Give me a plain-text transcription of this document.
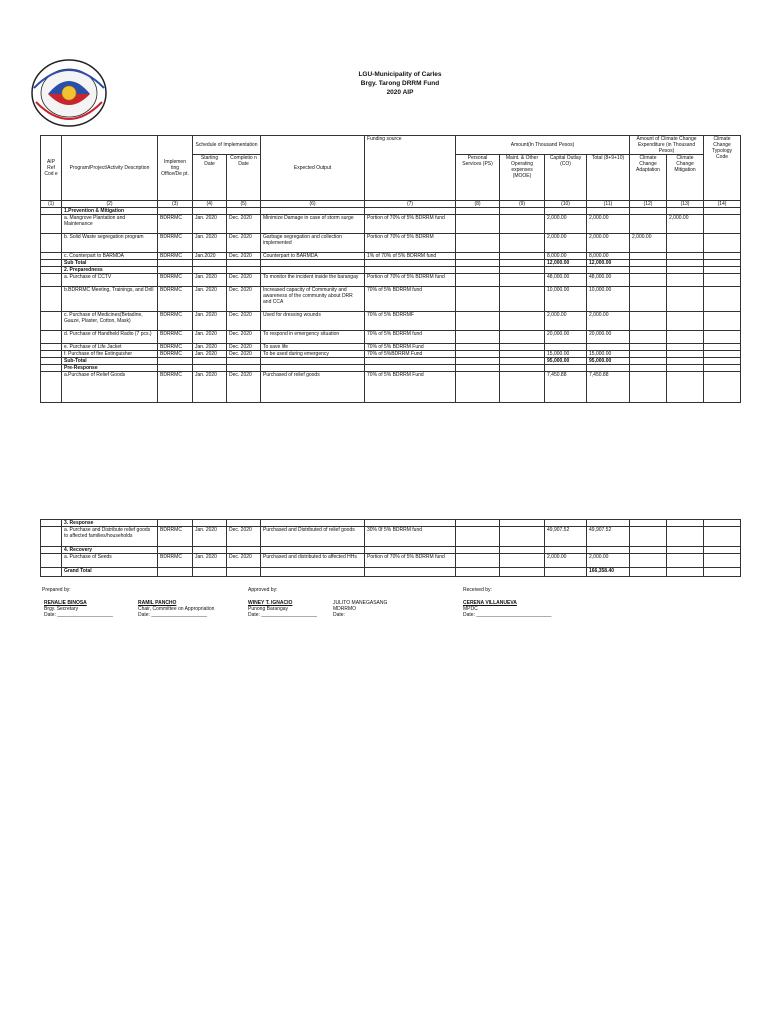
LGU-Municipality of Carles
Brgy. Tarong DRRM Fund
2020 AIP
AIP Ref Cod e	Program/Project/Activity Description	Implemen ting Office/De pt.	Schedule of Implementation		Expected Output	Funding source	Amount(In Thousand Pesos)				Amount of Climate Change Expenditure (in Thousand Pesos)		Climate Change Typology Code
			Starting Date	Completio n Date			Personal Services (PS)	Maint. & Other Operating expenses (MOOE)	Capital Outlay (CO)	Total (8+9+10)	Climate Change Adaptation	Climate Change Mitigation	
(1)	(2)	(3)	(4)	(5)	(6)	(7)	(8)	(9)	(10)	(11)	(12)	(13)	(14)
	1.Prevention & Mitigation												
	a. Mangrove Plantation and Maintenance	BDRRMC	Jan. 2020	Dec. 2020	Minimize Damage in case of storm surge	Portion of 70% of 5% BDRRM fund			2,000.00	2,000.00		2,000.00	
	b. Solid Waste segregation program	BDRRMC	Jan. 2020	Dec. 2020	Garbage segregation and collection implemented	Portion of 70% of 5% BDRRM			2,000.00	2,000.00	2,000.00		
	c. Counterpart to BARMDA	BDRRMC	Jan.2020	Dec. 2020	Counterpart to BARMDA	1% of 70% of 5% BDRRM fund			8,000.00	8,000.00			
	Sub Total								12,000.00	12,000.00			
	2. Preparedness												
	a. Purchase of CCTV	BDRRMC	Jan. 2020	Dec. 2020	To monitor the incident inside the barangay	Portion of 70% of 5% BDRRM fund			48,000.00	48,000.00			
	b.BDRRMC Meeting, Trainings, and Drill	BDRRMC	Jan. 2020	Dec. 2020	Increased capacity of Community and awareness of the community about DRR and CCA	70% of 5% BDRRM fund			10,000.00	10,000.00			
	c. Purchase of Medicines(Betadine, Gauze, Plaster, Cotton, Mask)	BDRRMC	Jan. 2020	Dec. 2020	Used for dressing wounds	70% of 5% BDRRMF			2,000.00	2,000.00			
	d. Purchase of Handheld Radio (7 pcs.)	BDRRMC	Jan. 2020	Dec. 2020	To respond in emergency situation	70% of 5% BDRRM fund			20,000.00	20,000.00			
	e. Purchase of Life Jacket	BDRRMC	Jan. 2020	Dec. 2020	To save life	70% of 5% BDRRM Fund							
	f. Purchase of fire Extinguisher	BDRRMC	Jan. 2020	Dec. 2020	To be used during emergency	70% of 5%BDRRM Fund			15,000.00	15,000.00			
	Sub-Total								95,000.00	95,000.00			
	Pre-Response												
	a.Purchase of Relief Goods	BDRRMC	Jan. 2020	Dec. 2020	Purchased of relief goods	70% of 5% BDRRM Fund			7,450.88	7,450.88			
	3. Response												
	a. Purchase and Distribute relief goods to affected families/households	BDRRMC	Jan. 2020	Dec. 2020	Purchased and Distributed of relief goods	30% 0f 5% BDRRM fund			49,907.52	49,907.52			
	4. Recovery												
	a. Purchase of Seeds	BDRRMC	Jan. 2020	Dec. 2020	Purchased and distributed to affected HHs	Portion of 70% of 5% BDRRM fund			2,000.00	2,000.00			
	Grand Total									166,358.40			
Prepared by:	Approved by:	Received by:
RENALIE BINOSA
Brgy. Secretary
Date: ____________________
RAMIL PANCHO
Chair, Committee on Appropriation
Date: ____________________
WINEY T. IGNACIO
Punong Barangay
Date: ____________________
JULITO MANEGASANG
MDRRMO
Date:
CERENA VILLANUEVA
MPDC
Date: ___________________________
